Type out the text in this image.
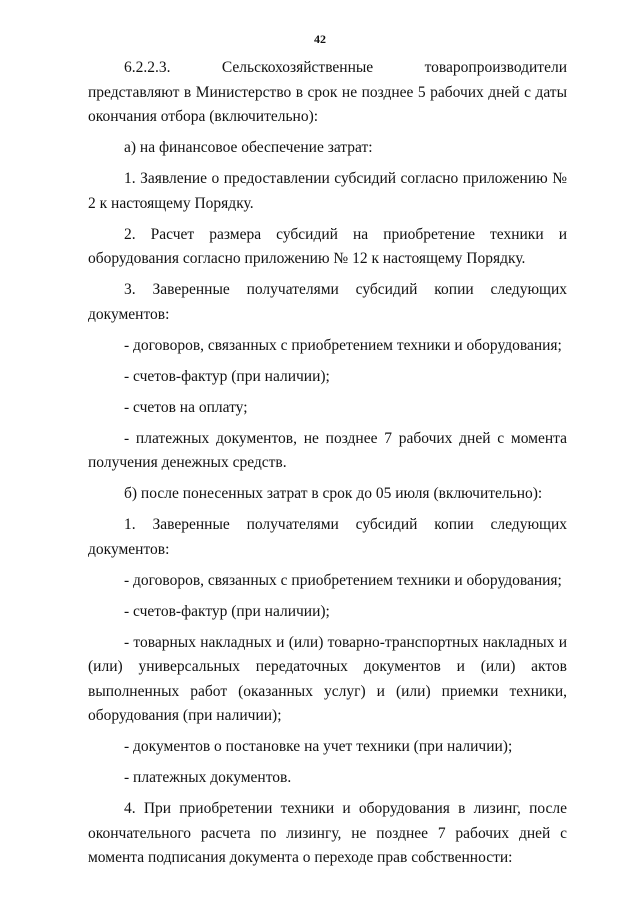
42

6.2.2.3. Сельскохозяйственные товаропроизводители представляют в Министерство в срок не позднее 5 рабочих дней с даты окончания отбора (включительно):

а) на финансовое обеспечение затрат:

1. Заявление о предоставлении субсидий согласно приложению № 2 к настоящему Порядку.

2. Расчет размера субсидий на приобретение техники и оборудования согласно приложению № 12 к настоящему Порядку.

3. Заверенные получателями субсидий копии следующих документов:

- договоров, связанных с приобретением техники и оборудования;

- счетов-фактур (при наличии);

- счетов на оплату;

- платежных документов, не позднее 7 рабочих дней с момента получения денежных средств.

б) после понесенных затрат в срок до 05 июля (включительно):

1. Заверенные получателями субсидий копии следующих документов:

- договоров, связанных с приобретением техники и оборудования;

- счетов-фактур (при наличии);

- товарных накладных и (или) товарно-транспортных накладных и (или) универсальных передаточных документов и (или) актов выполненных работ (оказанных услуг) и (или) приемки техники, оборудования (при наличии);

- документов о постановке на учет техники (при наличии);

- платежных документов.

4. При приобретении техники и оборудования в лизинг, после окончательного расчета по лизингу, не позднее 7 рабочих дней с момента подписания документа о переходе прав собственности:
